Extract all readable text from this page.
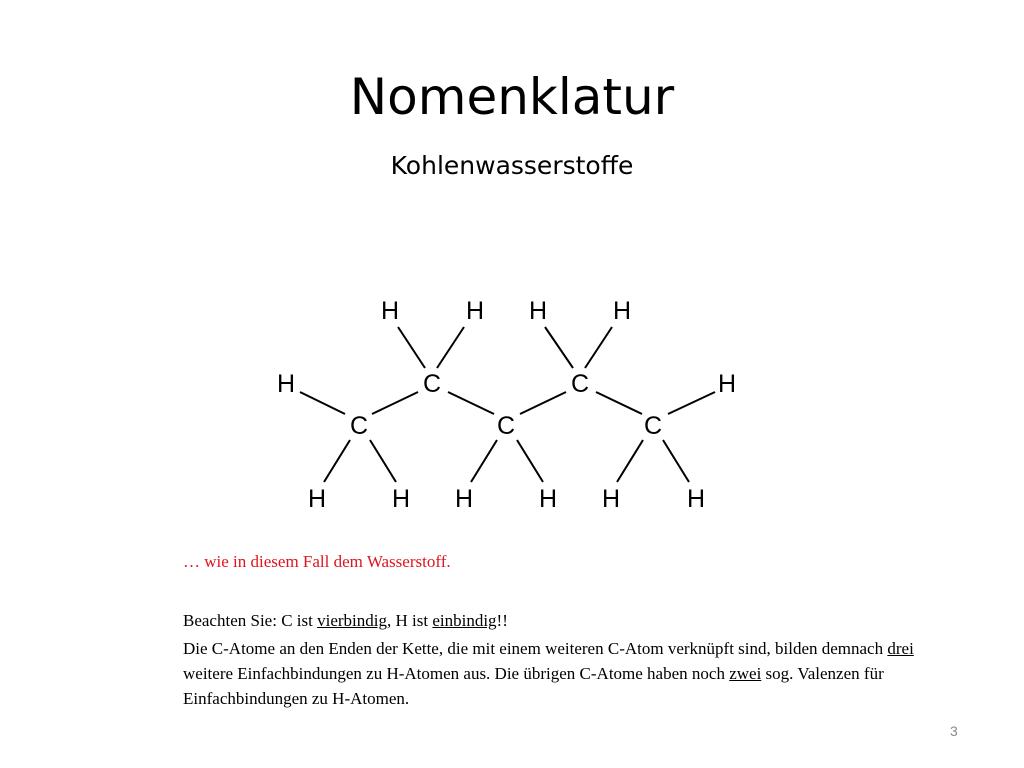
Nomenklatur
Kohlenwasserstoffe
C
C
C
C
C
H	H
H	H H	H
H	H H	H H	H

… wie in diesem Fall dem Wasserstoff.

Beachten Sie: C ist vierbindig, H ist einbindig!!

Die C-Atome an den Enden der Kette, die mit einem weiteren C-Atom verknüpft sind, bilden demnach drei weitere Einfachbindungen zu H-Atomen aus. Die übrigen C-Atome haben noch zwei sog. Valenzen für Einfachbindungen zu H-Atomen.

3
